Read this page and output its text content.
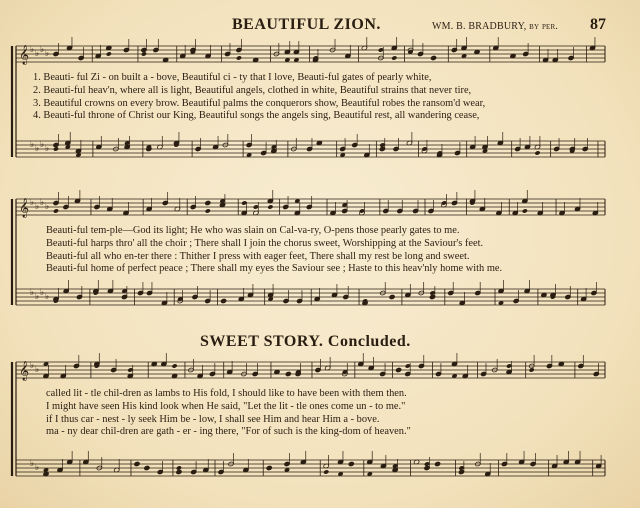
𝄞 ♭ ♭ ♭ ♭
♭ ♭ ♭ ♭
𝄞 ♭ ♭ ♭ ♭
♭ ♭ ♭ ♭
𝄞 ♭ ♭
♭ ♭
BEAUTIFUL ZION.	WM. B. BRADBURY, by per. 87
1. Beauti- ful Zi - on built a - bove, Beautiful ci - ty that I love, Beauti-ful gates of pearly white,
2. Beauti-ful heav'n, where all is light, Beautiful angels, clothed in white, Beautiful strains that never tire,
3. Beautiful crowns on every brow. Beautiful palms the conquerors show, Beautiful robes the ransom'd wear,
4. Beauti-ful throne of Christ our King, Beautiful songs the angels sing, Beautiful rest, all wandering cease,
Beauti-ful tem-ple—God its light; He who was slain on Cal-va-ry, O-pens those pearly gates to me.
Beauti-ful harps thro' all the choir ; There shall I join the chorus sweet, Worshipping at the Saviour's feet.
Beauti-ful all who en-ter there : Thither I press with eager feet, There shall my rest be long and sweet.
Beauti-ful home of perfect peace ; There shall my eyes the Saviour see ; Haste to this heav'nly home with me.
SWEET STORY. Concluded.
called lit - tle chil-dren as lambs to His fold, I should like to have been with them then.
I might have seen His kind look when He said, "Let the lit - tle ones come un - to me."
if I thus car - nest - ly seek Him be - low, I shall see Him and hear Him a - bove.
ma - ny dear chil-dren are gath - er - ing there, "For of such is the king-dom of heaven."
